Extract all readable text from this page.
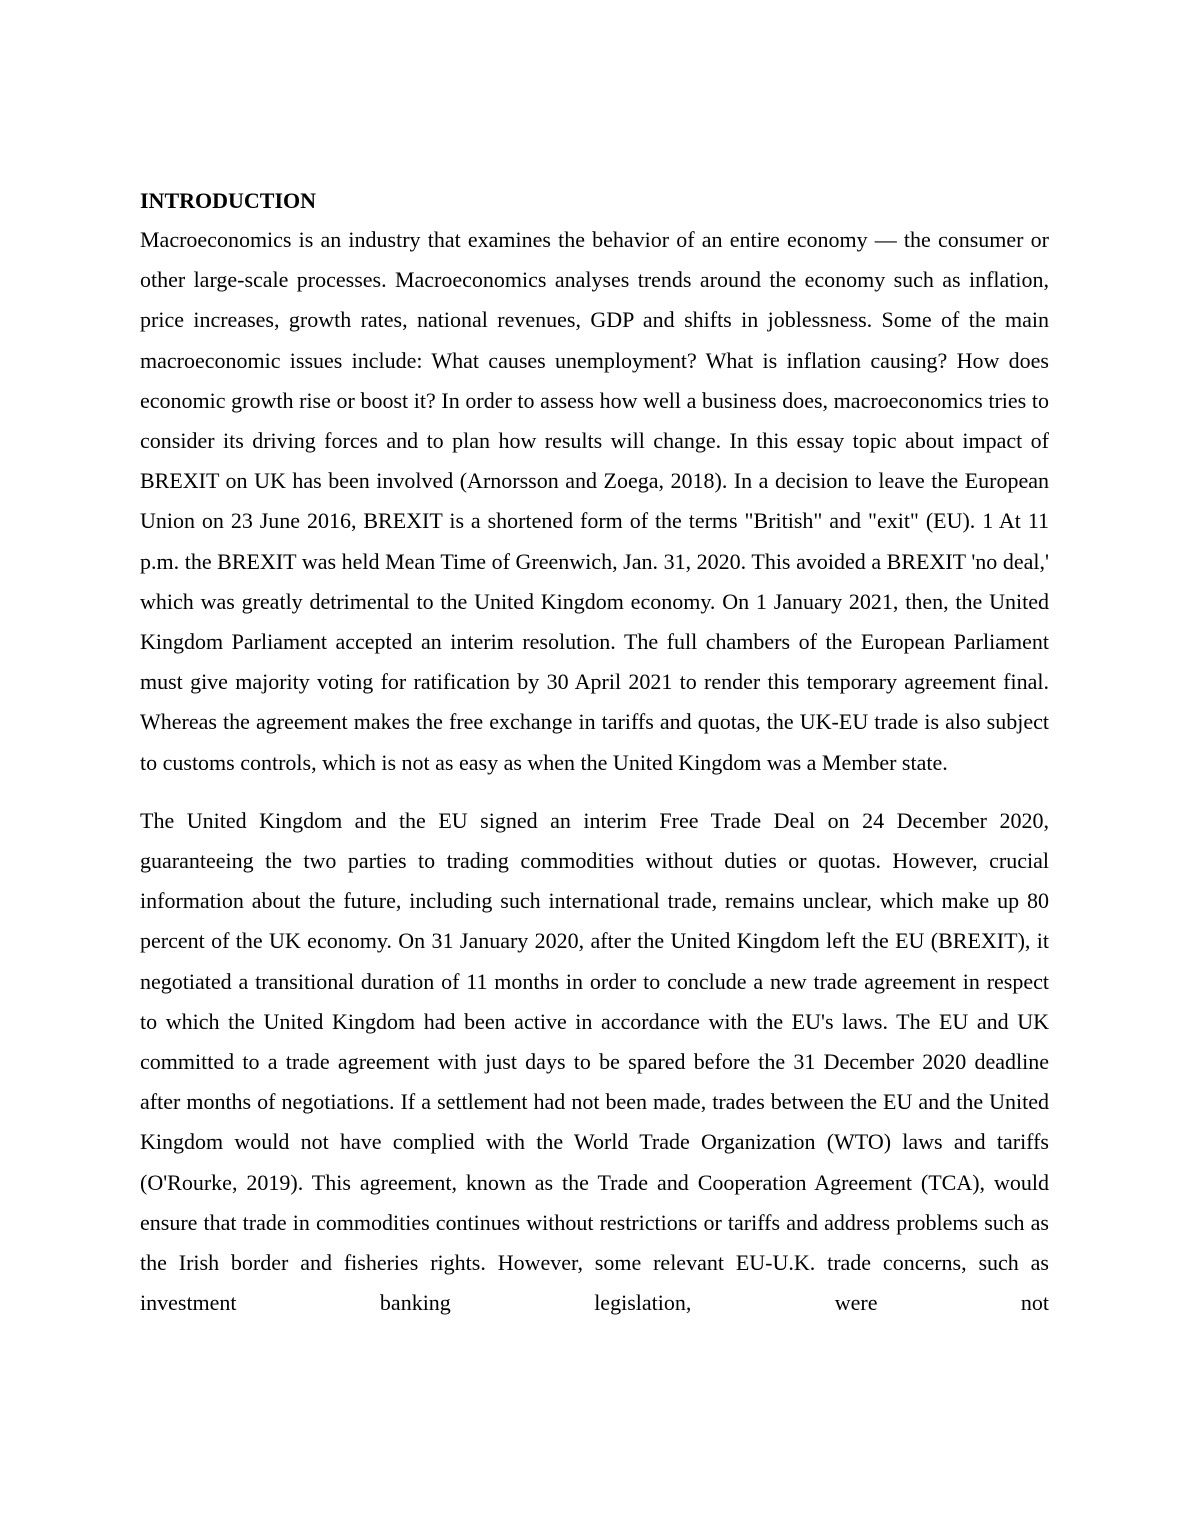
INTRODUCTION

Macroeconomics is an industry that examines the behavior of an entire economy — the consumer or other large-scale processes. Macroeconomics analyses trends around the economy such as inflation, price increases, growth rates, national revenues, GDP and shifts in joblessness. Some of the main macroeconomic issues include: What causes unemployment? What is inflation causing? How does economic growth rise or boost it? In order to assess how well a business does, macroeconomics tries to consider its driving forces and to plan how results will change. In this essay topic about impact of BREXIT on UK has been involved (Arnorsson and Zoega, 2018). In a decision to leave the European Union on 23 June 2016, BREXIT is a shortened form of the terms "British" and "exit" (EU). 1 At 11 p.m. the BREXIT was held Mean Time of Greenwich, Jan. 31, 2020. This avoided a BREXIT 'no deal,' which was greatly detrimental to the United Kingdom economy. On 1 January 2021, then, the United Kingdom Parliament accepted an interim resolution. The full chambers of the European Parliament must give majority voting for ratification by 30 April 2021 to render this temporary agreement final. Whereas the agreement makes the free exchange in tariffs and quotas, the UK-EU trade is also subject to customs controls, which is not as easy as when the United Kingdom was a Member state.

The United Kingdom and the EU signed an interim Free Trade Deal on 24 December 2020, guaranteeing the two parties to trading commodities without duties or quotas. However, crucial information about the future, including such international trade, remains unclear, which make up 80 percent of the UK economy. On 31 January 2020, after the United Kingdom left the EU (BREXIT), it negotiated a transitional duration of 11 months in order to conclude a new trade agreement in respect to which the United Kingdom had been active in accordance with the EU's laws. The EU and UK committed to a trade agreement with just days to be spared before the 31 December 2020 deadline after months of negotiations. If a settlement had not been made, trades between the EU and the United Kingdom would not have complied with the World Trade Organization (WTO) laws and tariffs (O'Rourke, 2019). This agreement, known as the Trade and Cooperation Agreement (TCA), would ensure that trade in commodities continues without restrictions or tariffs and address problems such as the Irish border and fisheries rights. However, some relevant EU-U.K. trade concerns, such as investment banking legislation, were not
